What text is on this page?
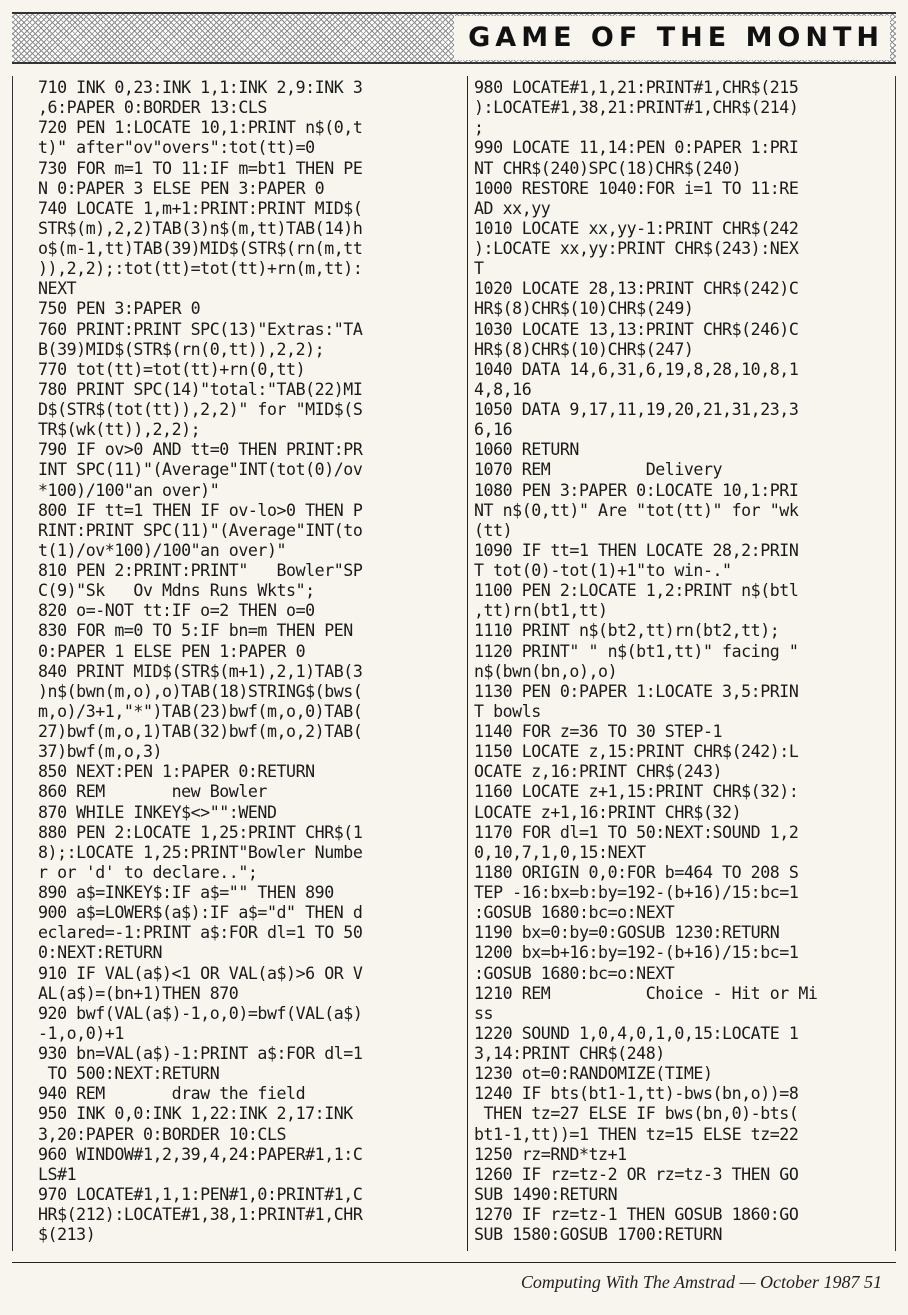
GAME OF THE MONTH
710 INK 0,23:INK 1,1:INK 2,9:INK 3
,6:PAPER 0:BORDER 13:CLS
720 PEN 1:LOCATE 10,1:PRINT n$(0,t
t)" after"ov"overs":tot(tt)=0
730 FOR m=1 TO 11:IF m=bt1 THEN PE
N 0:PAPER 3 ELSE PEN 3:PAPER 0
740 LOCATE 1,m+1:PRINT:PRINT MID$(
STR$(m),2,2)TAB(3)n$(m,tt)TAB(14)h
o$(m-1,tt)TAB(39)MID$(STR$(rn(m,tt
)),2,2);:tot(tt)=tot(tt)+rn(m,tt):
NEXT
750 PEN 3:PAPER 0
760 PRINT:PRINT SPC(13)"Extras:"TA
B(39)MID$(STR$(rn(0,tt)),2,2);
770 tot(tt)=tot(tt)+rn(0,tt)
780 PRINT SPC(14)"total:"TAB(22)MI
D$(STR$(tot(tt)),2,2)" for "MID$(S
TR$(wk(tt)),2,2);
790 IF ov>0 AND tt=0 THEN PRINT:PR
INT SPC(11)"(Average"INT(tot(0)/ov
*100)/100"an over)"
800 IF tt=1 THEN IF ov-lo>0 THEN P
RINT:PRINT SPC(11)"(Average"INT(to
t(1)/ov*100)/100"an over)"
810 PEN 2:PRINT:PRINT"   Bowler"SP
C(9)"Sk   Ov Mdns Runs Wkts";
820 o=-NOT tt:IF o=2 THEN o=0
830 FOR m=0 TO 5:IF bn=m THEN PEN
0:PAPER 1 ELSE PEN 1:PAPER 0
840 PRINT MID$(STR$(m+1),2,1)TAB(3
)n$(bwn(m,o),o)TAB(18)STRING$(bws(
m,o)/3+1,"*")TAB(23)bwf(m,o,0)TAB(
27)bwf(m,o,1)TAB(32)bwf(m,o,2)TAB(
37)bwf(m,o,3)
850 NEXT:PEN 1:PAPER 0:RETURN
860 REM       new Bowler
870 WHILE INKEY$<>"":WEND
880 PEN 2:LOCATE 1,25:PRINT CHR$(1
8);:LOCATE 1,25:PRINT"Bowler Numbe
r or 'd' to declare..";
890 a$=INKEY$:IF a$="" THEN 890
900 a$=LOWER$(a$):IF a$="d" THEN d
eclared=-1:PRINT a$:FOR dl=1 TO 50
0:NEXT:RETURN
910 IF VAL(a$)<1 OR VAL(a$)>6 OR V
AL(a$)=(bn+1)THEN 870
920 bwf(VAL(a$)-1,o,0)=bwf(VAL(a$)
-1,o,0)+1
930 bn=VAL(a$)-1:PRINT a$:FOR dl=1
TO 500:NEXT:RETURN
940 REM       draw the field
950 INK 0,0:INK 1,22:INK 2,17:INK
3,20:PAPER 0:BORDER 10:CLS
960 WINDOW#1,2,39,4,24:PAPER#1,1:C
LS#1
970 LOCATE#1,1,1:PEN#1,0:PRINT#1,C
HR$(212):LOCATE#1,38,1:PRINT#1,CHR
$(213)
980 LOCATE#1,1,21:PRINT#1,CHR$(215
):LOCATE#1,38,21:PRINT#1,CHR$(214)
;
990 LOCATE 11,14:PEN 0:PAPER 1:PRI
NT CHR$(240)SPC(18)CHR$(240)
1000 RESTORE 1040:FOR i=1 TO 11:RE
AD xx,yy
1010 LOCATE xx,yy-1:PRINT CHR$(242
):LOCATE xx,yy:PRINT CHR$(243):NEX
T
1020 LOCATE 28,13:PRINT CHR$(242)C
HR$(8)CHR$(10)CHR$(249)
1030 LOCATE 13,13:PRINT CHR$(246)C
HR$(8)CHR$(10)CHR$(247)
1040 DATA 14,6,31,6,19,8,28,10,8,1
4,8,16
1050 DATA 9,17,11,19,20,21,31,23,3
6,16
1060 RETURN
1070 REM          Delivery
1080 PEN 3:PAPER 0:LOCATE 10,1:PRI
NT n$(0,tt)" Are "tot(tt)" for "wk
(tt)
1090 IF tt=1 THEN LOCATE 28,2:PRIN
T tot(0)-tot(1)+1"to win-."
1100 PEN 2:LOCATE 1,2:PRINT n$(btl
,tt)rn(bt1,tt)
1110 PRINT n$(bt2,tt)rn(bt2,tt);
1120 PRINT" " n$(bt1,tt)" facing "
n$(bwn(bn,o),o)
1130 PEN 0:PAPER 1:LOCATE 3,5:PRIN
T bowls
1140 FOR z=36 TO 30 STEP-1
1150 LOCATE z,15:PRINT CHR$(242):L
OCATE z,16:PRINT CHR$(243)
1160 LOCATE z+1,15:PRINT CHR$(32):
LOCATE z+1,16:PRINT CHR$(32)
1170 FOR dl=1 TO 50:NEXT:SOUND 1,2
0,10,7,1,0,15:NEXT
1180 ORIGIN 0,0:FOR b=464 TO 208 S
TEP -16:bx=b:by=192-(b+16)/15:bc=1
:GOSUB 1680:bc=o:NEXT
1190 bx=0:by=0:GOSUB 1230:RETURN
1200 bx=b+16:by=192-(b+16)/15:bc=1
:GOSUB 1680:bc=o:NEXT
1210 REM          Choice - Hit or Mi
ss
1220 SOUND 1,0,4,0,1,0,15:LOCATE 1
3,14:PRINT CHR$(248)
1230 ot=0:RANDOMIZE(TIME)
1240 IF bts(bt1-1,tt)-bws(bn,o))=8
THEN tz=27 ELSE IF bws(bn,0)-bts(
bt1-1,tt))=1 THEN tz=15 ELSE tz=22
1250 rz=RND*tz+1
1260 IF rz=tz-2 OR rz=tz-3 THEN GO
SUB 1490:RETURN
1270 IF rz=tz-1 THEN GOSUB 1860:GO
SUB 1580:GOSUB 1700:RETURN
Computing With The Amstrad — October 1987 51
